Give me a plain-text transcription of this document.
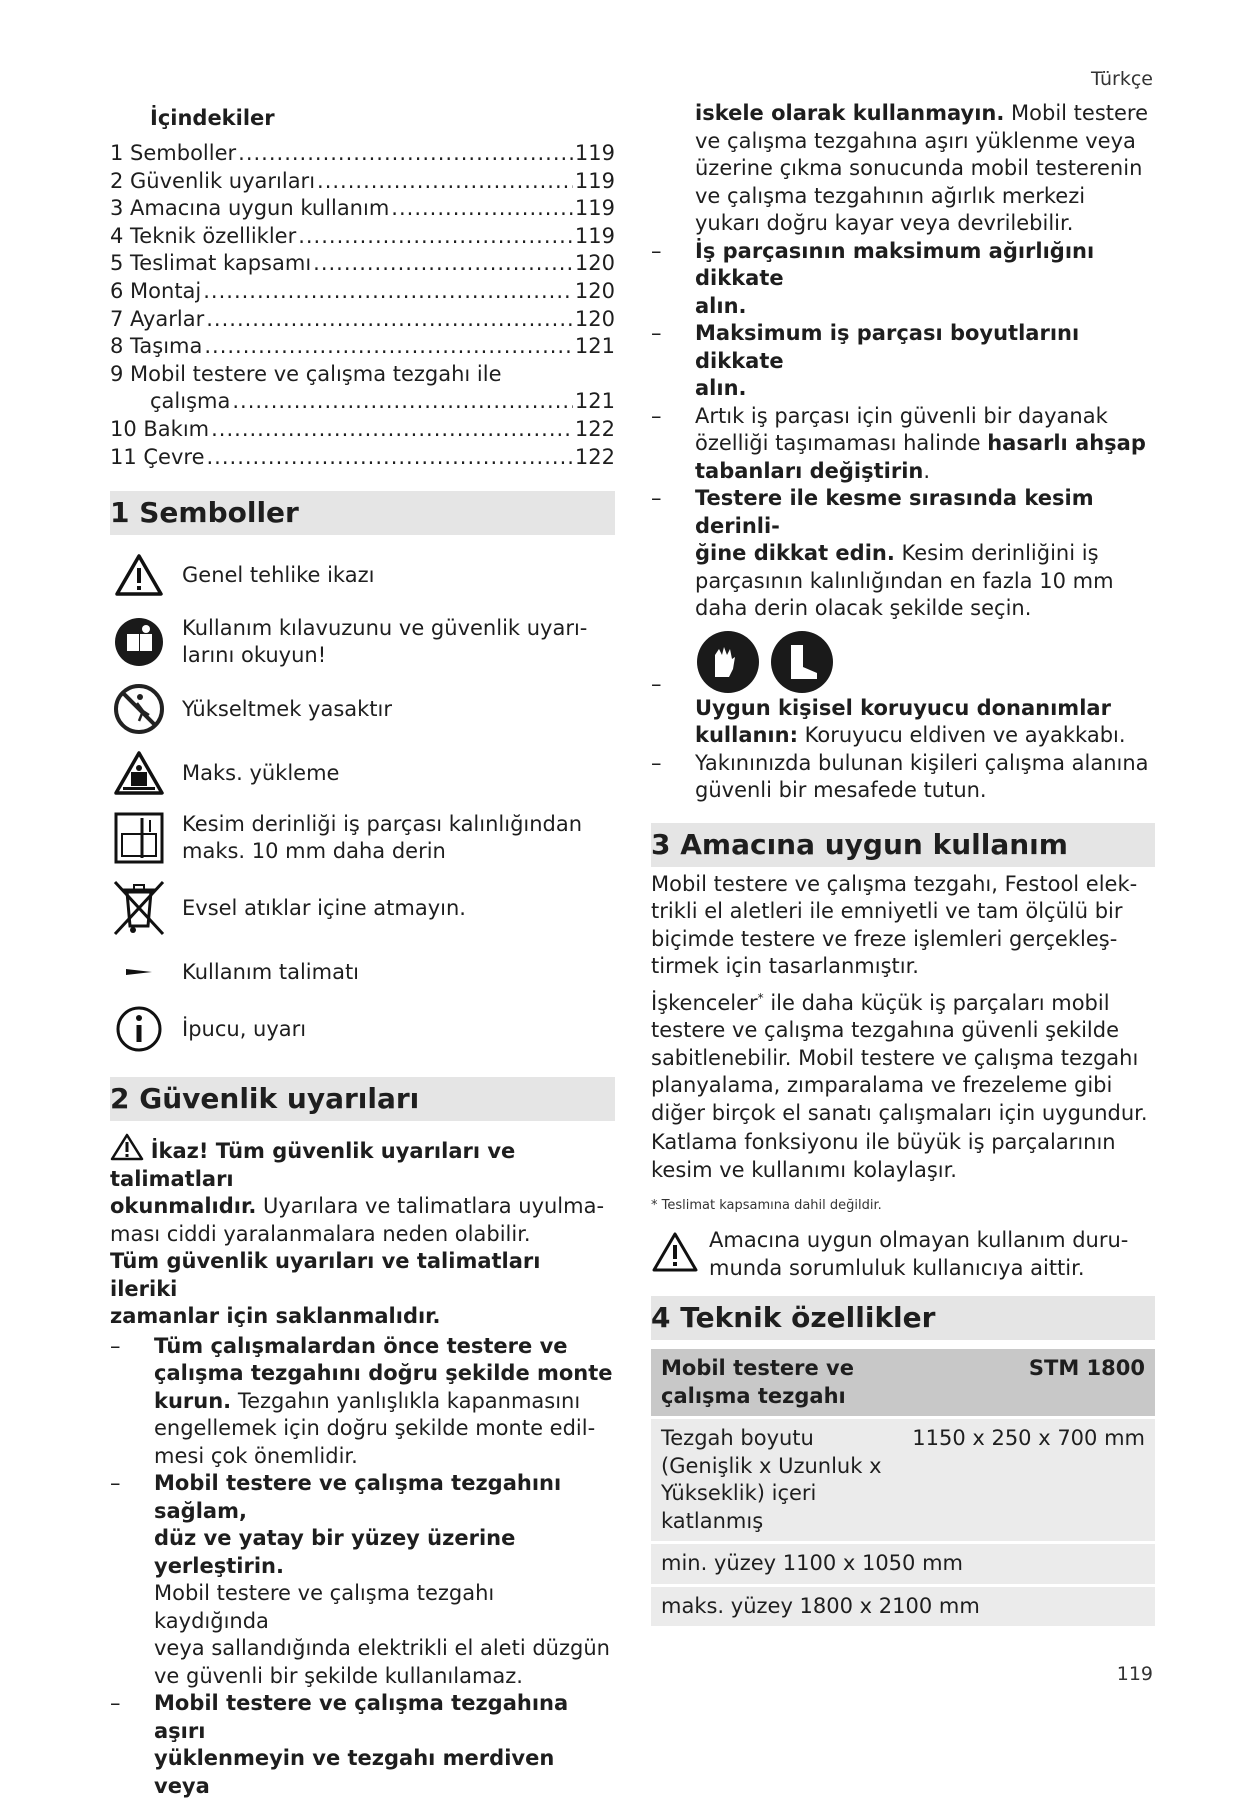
Türkçe
İçindekiler
1 Semboller .....	119
2 Güvenlik uyarıları .....	119
3 Amacına uygun kullanım .....	119
4 Teknik özellikler .....	119
5 Teslimat kapsamı .....	120
6 Montaj .....	120
7 Ayarlar .....	120
8 Taşıma .....	121
9 Mobil testere ve çalışma tezgahı ile
çalışma .....	121
10 Bakım .....	122
11 Çevre .....	122
1 Semboller
Genel tehlike ikazı
Kullanım kılavuzunu ve güvenlik uyarı-
larını okuyun!
Yükseltmek yasaktır
Maks. yükleme
Kesim derinliği iş parçası kalınlığından
maks. 10 mm daha derin
Evsel atıklar içine atmayın.
Kullanım talimatı
İpucu, uyarı
2 Güvenlik uyarıları

İkaz! Tüm güvenlik uyarıları ve talimatları
okunmalıdır. Uyarılara ve talimatlara uyulma-
ması ciddi yaralanmalara neden olabilir.

Tüm güvenlik uyarıları ve talimatları ileriki
zamanlar için saklanmalıdır.

– Tüm çalışmalardan önce testere ve
çalışma tezgahını doğru şekilde monte
kurun. Tezgahın yanlışlıkla kapanmasını
engellemek için doğru şekilde monte edil-
mesi çok önemlidir.
– Mobil testere ve çalışma tezgahını sağlam,
düz ve yatay bir yüzey üzerine yerleştirin.
Mobil testere ve çalışma tezgahı kaydığında
veya sallandığında elektrikli el aleti düzgün
ve güvenli bir şekilde kullanılamaz.
– Mobil testere ve çalışma tezgahına aşırı
yüklenmeyin ve tezgahı merdiven veya
iskele olarak kullanmayın. Mobil testere
ve çalışma tezgahına aşırı yüklenme veya
üzerine çıkma sonucunda mobil testerenin
ve çalışma tezgahının ağırlık merkezi
yukarı doğru kayar veya devrilebilir.
– İş parçasının maksimum ağırlığını dikkate
alın.
– Maksimum iş parçası boyutlarını dikkate
alın.
– Artık iş parçası için güvenli bir dayanak
özelliği taşımaması halinde hasarlı ahşap
tabanları değiştirin.
– Testere ile kesme sırasında kesim derinli-
ğine dikkat edin. Kesim derinliğini iş
parçasının kalınlığından en fazla 10 mm
daha derin olacak şekilde seçin.
–
Uygun kişisel koruyucu donanımlar
kullanın: Koruyucu eldiven ve ayakkabı.
– Yakınınızda bulunan kişileri çalışma alanına
güvenli bir mesafede tutun.
3 Amacına uygun kullanım

Mobil testere ve çalışma tezgahı, Festool elek-
trikli el aletleri ile emniyetli ve tam ölçülü bir
biçimde testere ve freze işlemleri gerçekleş-
tirmek için tasarlanmıştır.

İşkenceler* ile daha küçük iş parçaları mobil
testere ve çalışma tezgahına güvenli şekilde
sabitlenebilir. Mobil testere ve çalışma tezgahı
planyalama, zımparalama ve frezeleme gibi
diğer birçok el sanatı çalışmaları için uygundur.

Katlama fonksiyonu ile büyük iş parçalarının
kesim ve kullanımı kolaylaşır.

* Teslimat kapsamına dahil değildir.

Amacına uygun olmayan kullanım duru-
munda sorumluluk kullanıcıya aittir.

4 Teknik özellikler
Mobil testere ve
çalışma tezgahı	STM 1800
Tezgah boyutu
(Genişlik x Uzunluk x
Yükseklik) içeri
katlanmış	1150 x 250 x 700 mm
min. yüzey 1100 x 1050 mm	
maks. yüzey 1800 x 2100 mm	
119
